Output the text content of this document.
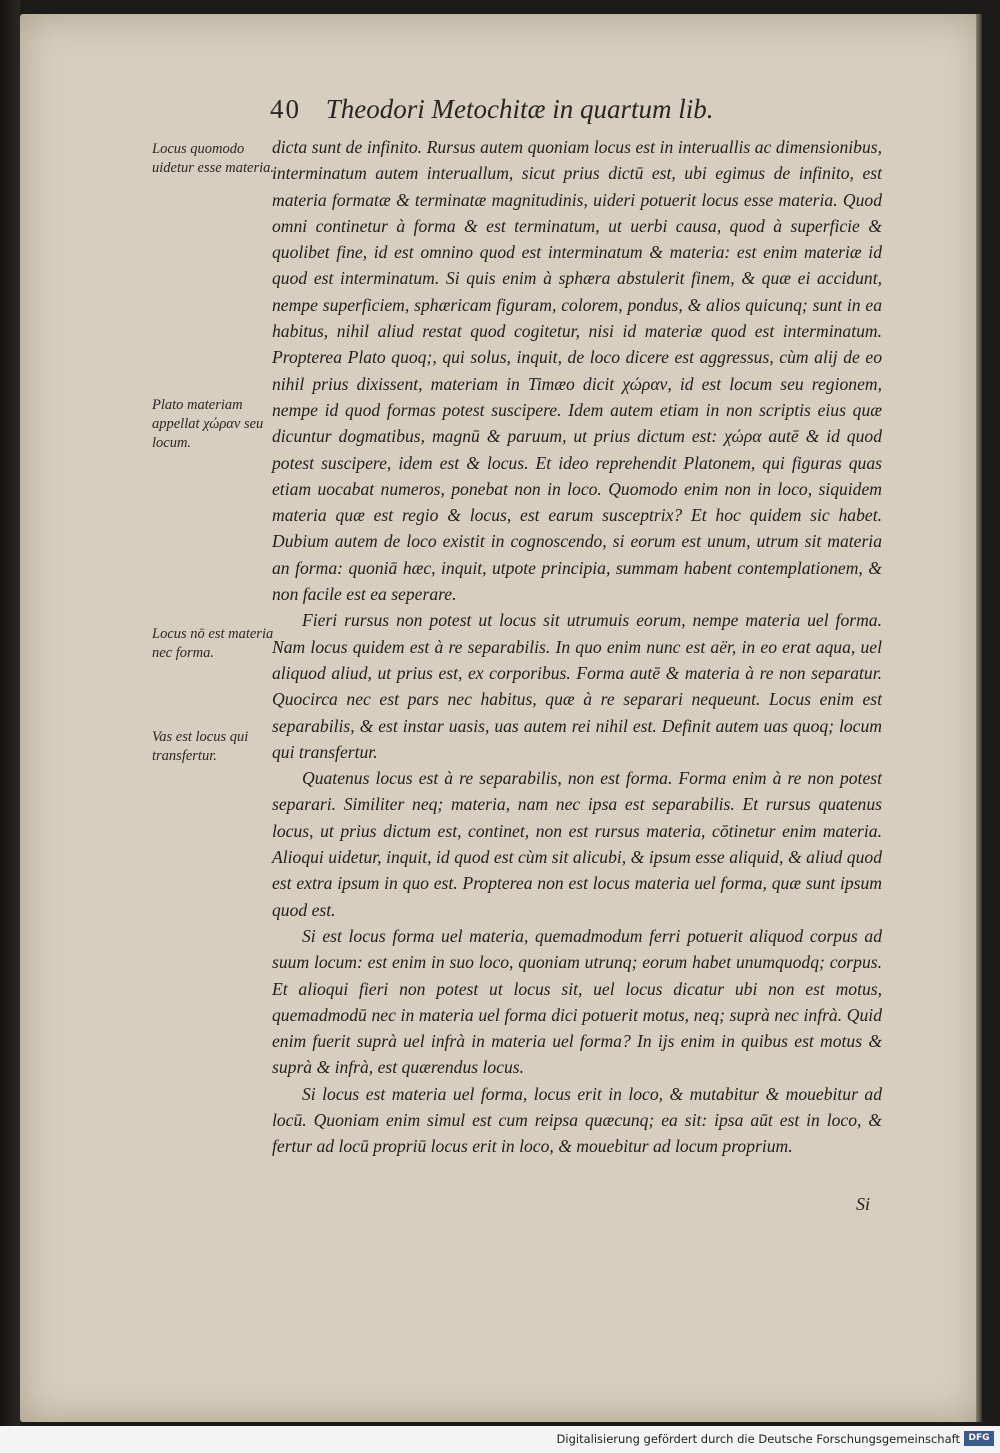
40 Theodori Metochitæ in quartum lib.
Locus quomodo uidetur esse materia.
Plato materiam appellat χώραν seu locum.
Locus nō est materia nec forma.
Vas est locus qui transfertur.

dicta sunt de infinito. Rursus autem quoniam locus est in interuallis ac dimensionibus, interminatum autem interuallum, sicut prius dictū est, ubi egimus de infinito, est materia formatæ & terminatæ magnitudinis, uideri potuerit locus esse materia. Quod omni continetur à forma & est terminatum, ut uerbi causa, quod à superficie & quolibet fine, id est omnino quod est interminatum & materia: est enim materiæ id quod est interminatum. Si quis enim à sphæra abstulerit finem, & quæ ei accidunt, nempe superficiem, sphæricam figuram, colorem, pondus, & alios quicunq; sunt in ea habitus, nihil aliud restat quod cogitetur, nisi id materiæ quod est interminatum. Propterea Plato quoq;, qui solus, inquit, de loco dicere est aggressus, cùm alij de eo nihil prius dixissent, materiam in Timæo dicit χώραν, id est locum seu regionem, nempe id quod formas potest suscipere. Idem autem etiam in non scriptis eius quæ dicuntur dogmatibus, magnū & paruum, ut prius dictum est: χώρα autē & id quod potest suscipere, idem est & locus. Et ideo reprehendit Platonem, qui figuras quas etiam uocabat numeros, ponebat non in loco. Quomodo enim non in loco, siquidem materia quæ est regio & locus, est earum susceptrix? Et hoc quidem sic habet. Dubium autem de loco existit in cognoscendo, si eorum est unum, utrum sit materia an forma: quoniā hæc, inquit, utpote principia, summam habent contemplationem, & non facile est ea seperare.

Fieri rursus non potest ut locus sit utrumuis eorum, nempe materia uel forma. Nam locus quidem est à re separabilis. In quo enim nunc est aër, in eo erat aqua, uel aliquod aliud, ut prius est, ex corporibus. Forma autē & materia à re non separatur. Quocirca nec est pars nec habitus, quæ à re separari nequeunt. Locus enim est separabilis, & est instar uasis, uas autem rei nihil est. Definit autem uas quoq; locum qui transfertur.

Quatenus locus est à re separabilis, non est forma. Forma enim à re non potest separari. Similiter neq; materia, nam nec ipsa est separabilis. Et rursus quatenus locus, ut prius dictum est, continet, non est rursus materia, cōtinetur enim materia. Alioqui uidetur, inquit, id quod est cùm sit alicubi, & ipsum esse aliquid, & aliud quod est extra ipsum in quo est. Propterea non est locus materia uel forma, quæ sunt ipsum quod est.

Si est locus forma uel materia, quemadmodum ferri potuerit aliquod corpus ad suum locum: est enim in suo loco, quoniam utrunq; eorum habet unumquodq; corpus. Et alioqui fieri non potest ut locus sit, uel locus dicatur ubi non est motus, quemadmodū nec in materia uel forma dici potuerit motus, neq; suprà nec infrà. Quid enim fuerit suprà uel infrà in materia uel forma? In ijs enim in quibus est motus & suprà & infrà, est quærendus locus.

Si locus est materia uel forma, locus erit in loco, & mutabitur & mouebitur ad locū. Quoniam enim simul est cum reipsa quæcunq; ea sit: ipsa aūt est in loco, & fertur ad locū propriū locus erit in loco, & mouebitur ad locum proprium.

Si
Digitalisierung gefördert durch die Deutsche Forschungsgemeinschaft DFG
